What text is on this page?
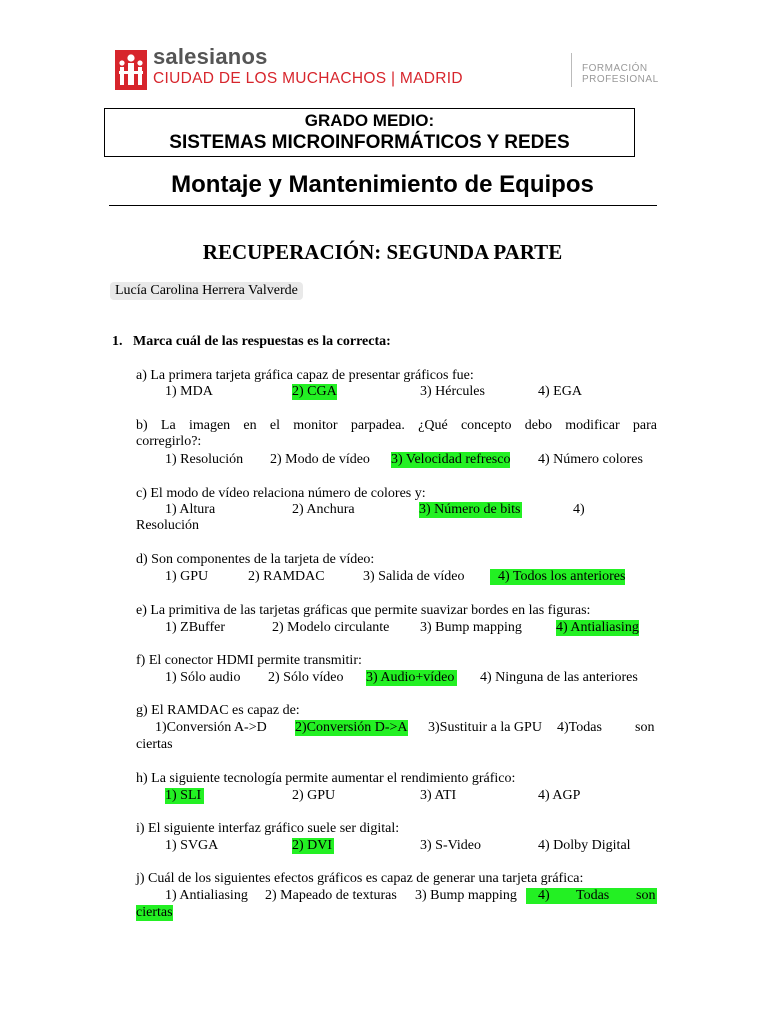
salesianos
CIUDAD DE LOS MUCHACHOS | MADRID
FORMACIÓN
PROFESIONAL
GRADO MEDIO:
SISTEMAS MICROINFORMÁTICOS Y REDES
Montaje y Mantenimiento de Equipos
RECUPERACIÓN: SEGUNDA PARTE
Lucía Carolina Herrera Valverde
1. Marca cuál de las respuestas es la correcta:
a) La primera tarjeta gráfica capaz de presentar gráficos fue:
1) MDA	2) CGA	3) Hércules	4) EGA
b) La imagen en el monitor parpadea. ¿Qué concepto debo modificar para
corregirlo?:
1) Resolución 2) Modo de vídeo 3) Velocidad refresco 4) Número colores
c) El modo de vídeo relaciona número de colores y:
1) Altura	2) Anchura	3) Número de bits	4)
Resolución
d) Son componentes de la tarjeta de vídeo:
1) GPU	2) RAMDAC	3) Salida de vídeo	4) Todos los anteriores
e) La primitiva de las tarjetas gráficas que permite suavizar bordes en las figuras:
1) ZBuffer	2) Modelo circulante 3) Bump mapping 4) Antialiasing
f) El conector HDMI permite transmitir:
1) Sólo audio 2) Sólo vídeo 3) Audio+vídeo 4) Ninguna de las anteriores
g) El RAMDAC es capaz de:
1)Conversión A->D 2)Conversión D->A 3)Sustituir a la GPU 4)Todas son
ciertas
h) La siguiente tecnología permite aumentar el rendimiento gráfico:
1) SLI	2) GPU	3) ATI	4) AGP
i) El siguiente interfaz gráfico suele ser digital:
1) SVGA	2) DVI	3) S-Video	4) Dolby Digital
j) Cuál de los siguientes efectos gráficos es capaz de generar una tarjeta gráfica:
1) Antialiasing 2) Mapeado de texturas 3) Bump mapping 4) Todas son
ciertas
